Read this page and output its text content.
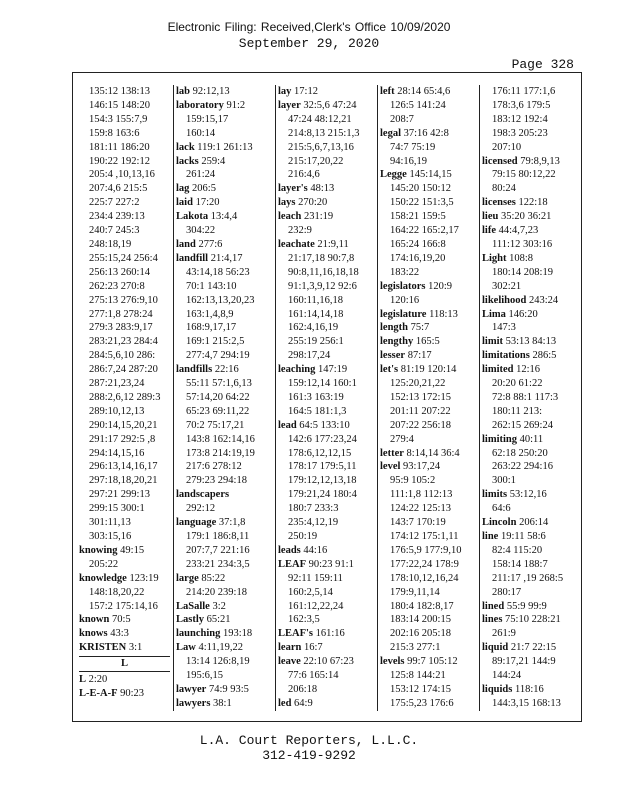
Electronic Filing: Received,Clerk's Office 10/09/2020
September 29, 2020
Page 328
135:12 138:13
146:15 148:20
154:3 155:7,9
159:8 163:6
181:11 186:20
190:22 192:12
205:4 ,10,13,16
207:4,6 215:5
225:7 227:2
234:4 239:13
240:7 245:3
248:18,19
255:15,24 256:4
256:13 260:14
262:23 270:8
275:13 276:9,10
277:1,8 278:24
279:3 283:9,17
283:21,23 284:4
284:5,6,10 286:
286:7,24 287:20
287:21,23,24
288:2,6,12 289:3
289:10,12,13
290:14,15,20,21
291:17 292:5 ,8
294:14,15,16
296:13,14,16,17
297:18,18,20,21
297:21 299:13
299:15 300:1
301:11,13
303:15,16
knowing 49:15
205:22
knowledge 123:19
148:18,20,22
157:2 175:14,16
known 70:5
knows 43:3
KRISTEN 3:1
L
L 2:20
L-E-A-F 90:23
lab 92:12,13
laboratory 91:2
159:15,17
160:14
lack 119:1 261:13
lacks 259:4
261:24
lag 206:5
laid 17:20
Lakota 13:4,4
304:22
land 277:6
landfill 21:4,17
43:14,18 56:23
70:1 143:10
162:13,13,20,23
163:1,4,8,9
168:9,17,17
169:1 215:2,5
277:4,7 294:19
landfills 22:16
55:11 57:1,6,13
57:14,20 64:22
65:23 69:11,22
70:2 75:17,21
143:8 162:14,16
173:8 214:19,19
217:6 278:12
279:23 294:18
landscapers
292:12
language 37:1,8
179:1 186:8,11
207:7,7 221:16
233:21 234:3,5
large 85:22
214:20 239:18
LaSalle 3:2
Lastly 65:21
launching 193:18
Law 4:11,19,22
13:14 126:8,19
195:6,15
lawyer 74:9 93:5
lawyers 38:1
lay 17:12
layer 32:5,6 47:24
47:24 48:12,21
214:8,13 215:1,3
215:5,6,7,13,16
215:17,20,22
216:4,6
layer's 48:13
lays 270:20
leach 231:19
232:9
leachate 21:9,11
21:17,18 90:7,8
90:8,11,16,18,18
91:1,3,9,12 92:6
160:11,16,18
161:14,14,18
162:4,16,19
255:19 256:1
298:17,24
leaching 147:19
159:12,14 160:1
161:3 163:19
164:5 181:1,3
lead 64:5 133:10
142:6 177:23,24
178:6,12,12,15
178:17 179:5,11
179:12,12,13,18
179:21,24 180:4
180:7 233:3
235:4,12,19
250:19
leads 44:16
LEAF 90:23 91:1
92:11 159:11
160:2,5,14
161:12,22,24
162:3,5
LEAF's 161:16
learn 16:7
leave 22:10 67:23
77:6 165:14
206:18
led 64:9
left 28:14 65:4,6
126:5 141:24
208:7
legal 37:16 42:8
74:7 75:19
94:16,19
Legge 145:14,15
145:20 150:12
150:22 151:3,5
158:21 159:5
164:22 165:2,17
165:24 166:8
174:16,19,20
183:22
legislators 120:9
120:16
legislature 118:13
length 75:7
lengthy 165:5
lesser 87:17
let's 81:19 120:14
125:20,21,22
152:13 172:15
201:11 207:22
207:22 256:18
279:4
letter 8:14,14 36:4
level 93:17,24
95:9 105:2
111:1,8 112:13
124:22 125:13
143:7 170:19
174:12 175:1,11
176:5,9 177:9,10
177:22,24 178:9
178:10,12,16,24
179:9,11,14
180:4 182:8,17
183:14 200:15
202:16 205:18
215:3 277:1
levels 99:7 105:12
125:8 144:21
153:12 174:15
175:5,23 176:6
176:11 177:1,6
178:3,6 179:5
183:12 192:4
198:3 205:23
207:10
licensed 79:8,9,13
79:15 80:12,22
80:24
licenses 122:18
lieu 35:20 36:21
life 44:4,7,23
111:12 303:16
Light 108:8
180:14 208:19
302:21
likelihood 243:24
Lima 146:20
147:3
limit 53:13 84:13
limitations 286:5
limited 12:16
20:20 61:22
72:8 88:1 117:3
180:11 213:
262:15 269:24
limiting 40:11
62:18 250:20
263:22 294:16
300:1
limits 53:12,16
64:6
Lincoln 206:14
line 19:11 58:6
82:4 115:20
158:14 188:7
211:17 ,19 268:5
280:17
lined 55:9 99:9
lines 75:10 228:21
261:9
liquid 21:7 22:15
89:17,21 144:9
144:24
liquids 118:16
144:3,15 168:13
L.A. Court Reporters, L.L.C.
312-419-9292
